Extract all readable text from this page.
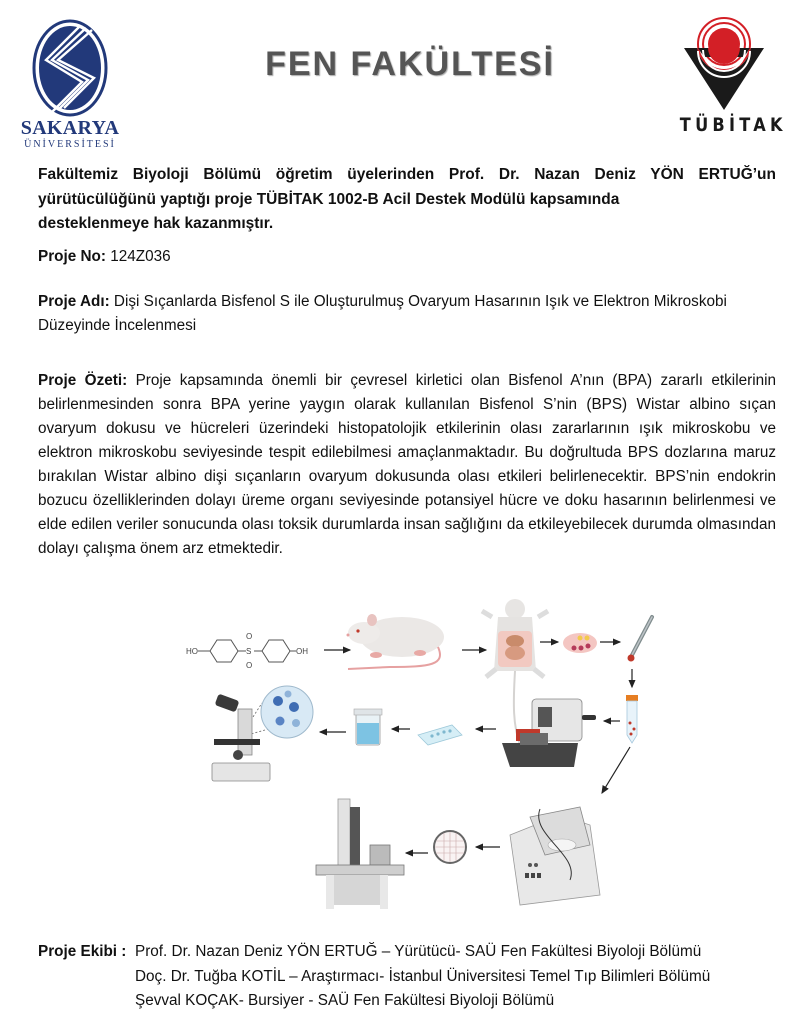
SAKARYA
ÜNİVERSİTESİ
FEN FAKÜLTESİ
TÜBİTAK
Fakültemiz Biyoloji Bölümü öğretim üyelerinden Prof. Dr. Nazan Deniz YÖN ERTUĞ’un yürütücülüğünü yaptığı proje TÜBİTAK 1002-B Acil Destek Modülü kapsamında
desteklenmeye hak kazanmıştır.
Proje No: 124Z036
Proje Adı: Dişi Sıçanlarda Bisfenol S ile Oluşturulmuş Ovaryum Hasarının Işık ve Elektron Mikroskobi Düzeyinde İncelenmesi
Proje Özeti: Proje kapsamında önemli bir çevresel kirletici olan Bisfenol A’nın (BPA) zararlı etkilerinin belirlenmesinden sonra BPA yerine yaygın olarak kullanılan Bisfenol S’nin (BPS) Wistar albino sıçan ovaryum dokusu ve hücreleri üzerindeki histopatolojik etkilerinin olası zararlarının ışık mikroskobu ve elektron mikroskobu seviyesinde tespit edilebilmesi amaçlanmaktadır. Bu doğrultuda BPS dozlarına maruz bırakılan Wistar albino dişi sıçanların ovaryum dokusunda olası etkileri belirlenecektir. BPS’nin endokrin bozucu özelliklerinden dolayı üreme organı seviyesinde potansiyel hücre ve doku hasarının belirlenmesi ve elde edilen veriler sonucunda olası toksik durumlarda insan sağlığını da etkileyebilecek durumda olmasından dolayı çalışma önem arz etmektedir.
HO	S
O
O
OH
Proje Ekibi : Prof. Dr. Nazan Deniz YÖN ERTUĞ – Yürütücü- SAÜ Fen Fakültesi Biyoloji Bölümü
Doç. Dr. Tuğba KOTİL – Araştırmacı- İstanbul Üniversitesi Temel Tıp Bilimleri Bölümü
Şevval KOÇAK- Bursiyer - SAÜ Fen Fakültesi Biyoloji Bölümü
